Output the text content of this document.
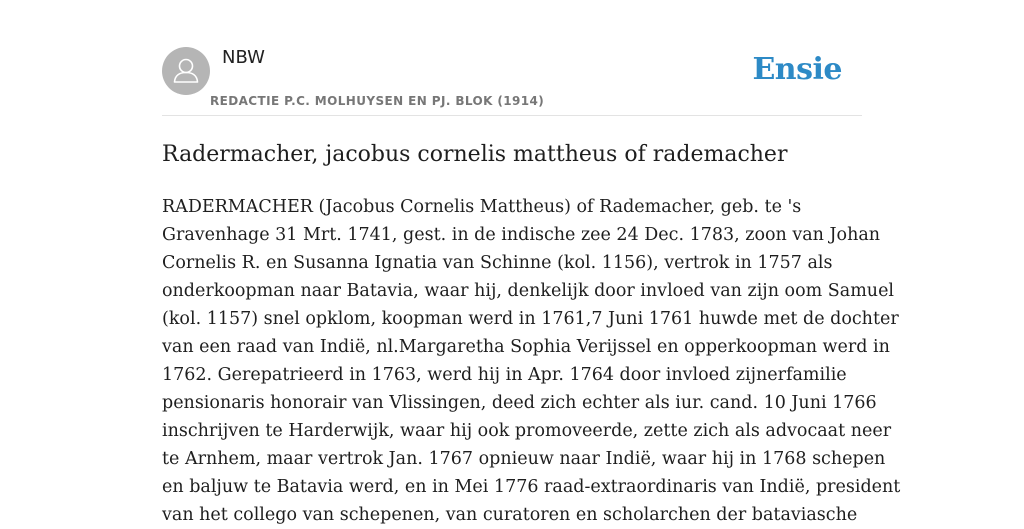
NBW
REDACTIE P.C. MOLHUYSEN EN PJ. BLOK (1914)
Ensie
Radermacher, jacobus cornelis mattheus of rademacher
RADERMACHER (Jacobus Cornelis Mattheus) of Rademacher, geb. te 's
Gravenhage 31 Mrt. 1741, gest. in de indische zee 24 Dec. 1783, zoon van Johan
Cornelis R. en Susanna Ignatia van Schinne (kol. 1156), vertrok in 1757 als
onderkoopman naar Batavia, waar hij, denkelijk door invloed van zijn oom Samuel
(kol. 1157) snel opklom, koopman werd in 1761,7 Juni 1761 huwde met de dochter
van een raad van Indië, nl.Margaretha Sophia Verijssel en opperkoopman werd in
1762. Gerepatrieerd in 1763, werd hij in Apr. 1764 door invloed zijnerfamilie
pensionaris honorair van Vlissingen, deed zich echter als iur. cand. 10 Juni 1766
inschrijven te Harderwijk, waar hij ook promoveerde, zette zich als advocaat neer
te Arnhem, maar vertrok Jan. 1767 opnieuw naar Indië, waar hij in 1768 schepen
en baljuw te Batavia werd, en in Mei 1776 raad-extraordinaris van Indië, president
van het collego van schepenen, van curatoren en scholarchen der bataviasche
